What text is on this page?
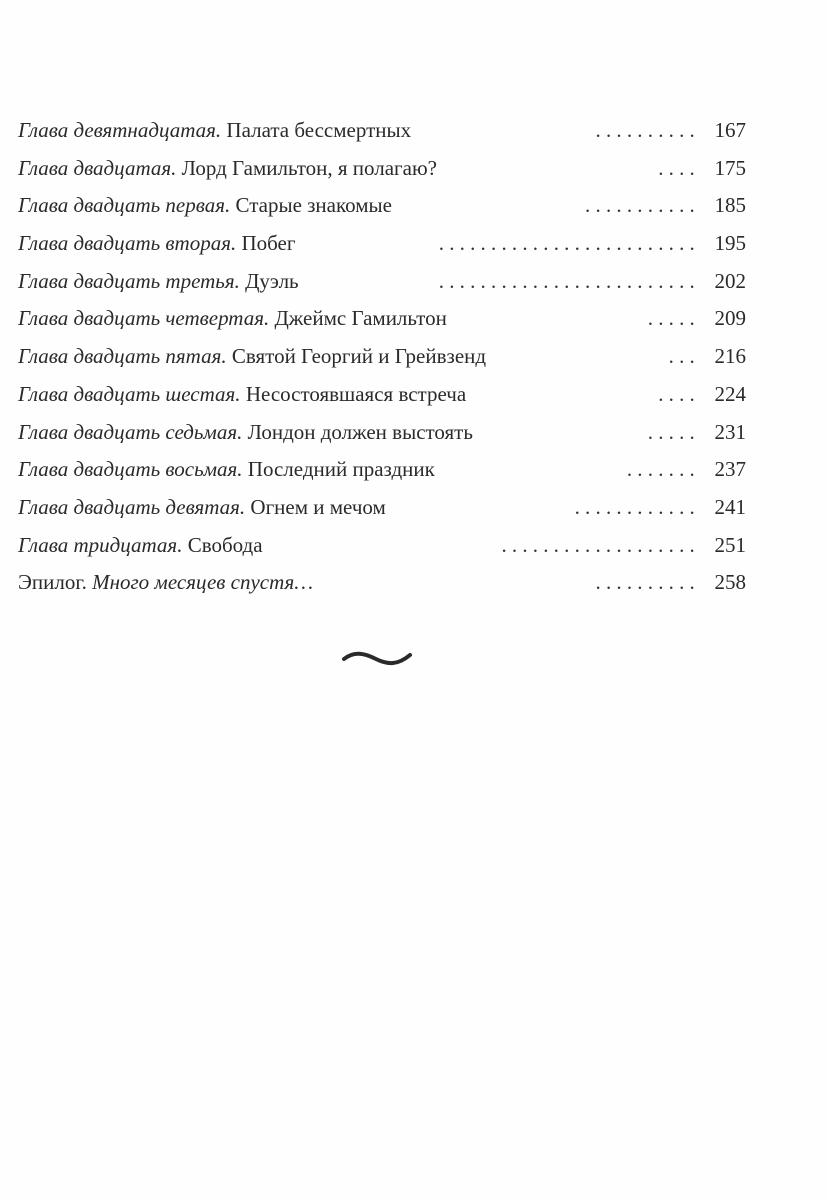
Глава девятнадцатая. Палата бессмертных	.......... 167
Глава двадцатая. Лорд Гамильтон, я полагаю?	.... 175
Глава двадцать первая. Старые знакомые	........... 185
Глава двадцать вторая. Побег	......................... 195
Глава двадцать третья. Дуэль	......................... 202
Глава двадцать четвертая. Джеймс Гамильтон	..... 209
Глава двадцать пятая. Святой Георгий и Грейвзенд	... 216
Глава двадцать шестая. Несостоявшаяся встреча	.... 224
Глава двадцать седьмая. Лондон должен выстоять	..... 231
Глава двадцать восьмая. Последний праздник	....... 237
Глава двадцать девятая. Огнем и мечом	............ 241
Глава тридцатая. Свобода	................... 251
Эпилог. Много месяцев спустя…	.......... 258
